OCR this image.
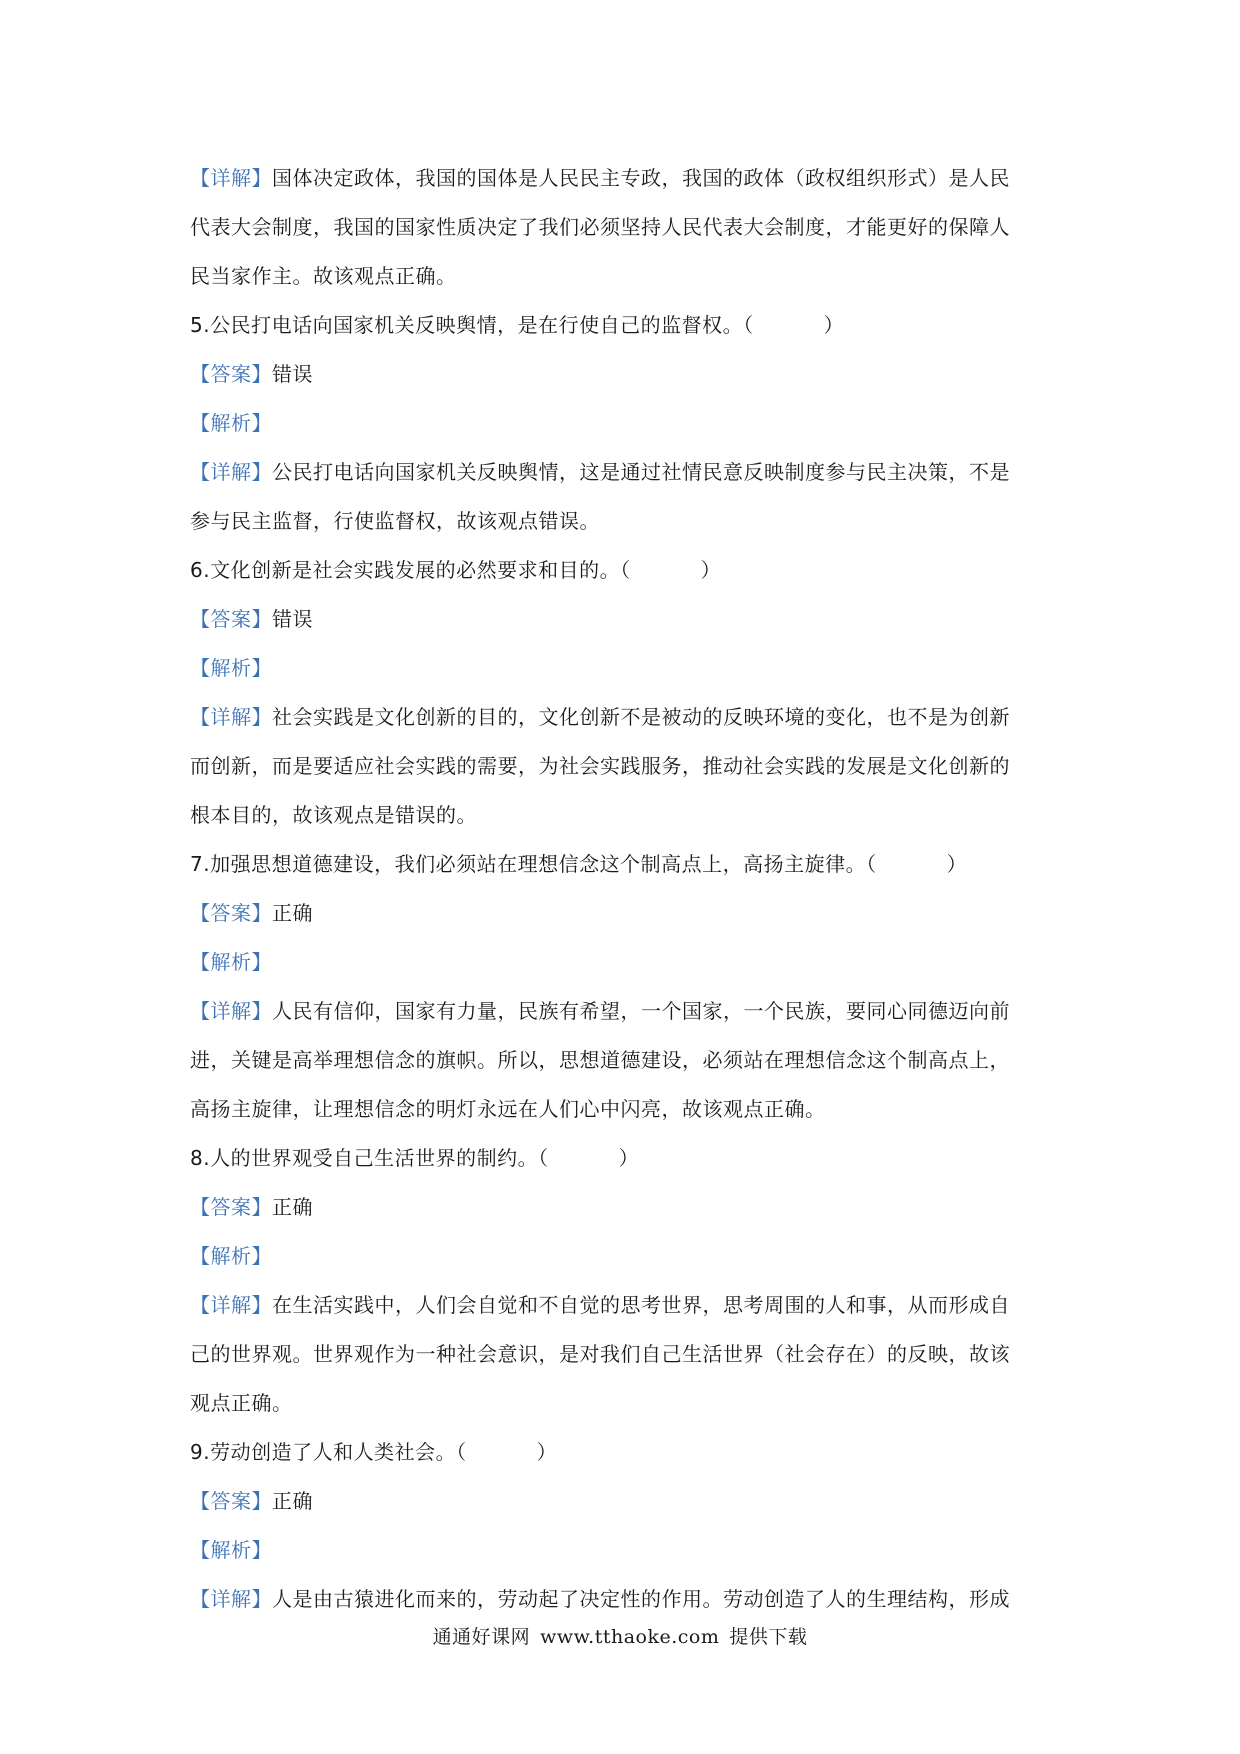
【详解】国体决定政体，我国的国体是人民民主专政，我国的政体（政权组织形式）是人民
代表大会制度，我国的国家性质决定了我们必须坚持人民代表大会制度，才能更好的保障人
民当家作主。故该观点正确。
5.公民打电话向国家机关反映舆情，是在行使自己的监督权。（	）
【答案】错误
【解析】
【详解】公民打电话向国家机关反映舆情，这是通过社情民意反映制度参与民主决策，不是
参与民主监督，行使监督权，故该观点错误。
6.文化创新是社会实践发展的必然要求和目的。（	）
【答案】错误
【解析】
【详解】社会实践是文化创新的目的，文化创新不是被动的反映环境的变化，也不是为创新
而创新，而是要适应社会实践的需要，为社会实践服务，推动社会实践的发展是文化创新的
根本目的，故该观点是错误的。
7.加强思想道德建设，我们必须站在理想信念这个制高点上，高扬主旋律。（	）
【答案】正确
【解析】
【详解】人民有信仰，国家有力量，民族有希望，一个国家，一个民族，要同心同德迈向前
进，关键是高举理想信念的旗帜。所以，思想道德建设，必须站在理想信念这个制高点上，
高扬主旋律，让理想信念的明灯永远在人们心中闪亮，故该观点正确。
8.人的世界观受自己生活世界的制约。（	）
【答案】正确
【解析】
【详解】在生活实践中，人们会自觉和不自觉的思考世界，思考周围的人和事，从而形成自
己的世界观。世界观作为一种社会意识，是对我们自己生活世界（社会存在）的反映，故该
观点正确。
9.劳动创造了人和人类社会。（	）
【答案】正确
【解析】
【详解】人是由古猿进化而来的，劳动起了决定性的作用。劳动创造了人的生理结构，形成
通通好课网 www.tthaoke.com 提供下载
